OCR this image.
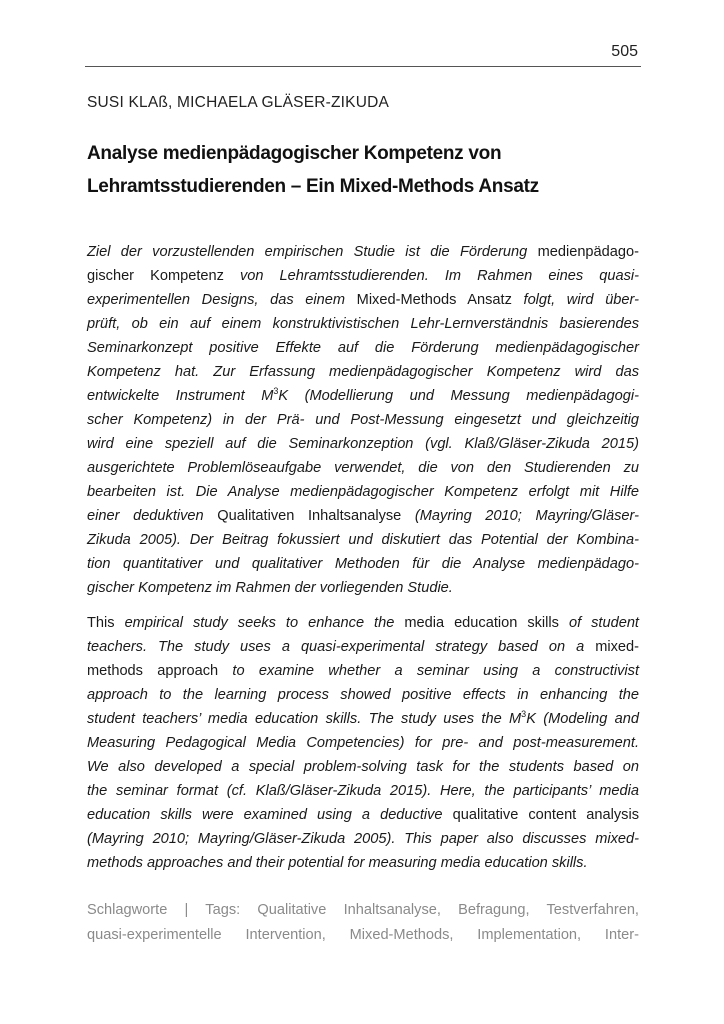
505
SUSI KLAß, MICHAELA GLÄSER-ZIKUDA
Analyse medienpädagogischer Kompetenz von
Lehramtsstudierenden – Ein Mixed-Methods Ansatz
Ziel der vorzustellenden empirischen Studie ist die Förderung medienpädago-
gischer Kompetenz von Lehramtsstudierenden. Im Rahmen eines quasi-
experimentellen Designs, das einem Mixed-Methods Ansatz folgt, wird über-
prüft, ob ein auf einem konstruktivistischen Lehr-Lernverständnis basierendes
Seminarkonzept positive Effekte auf die Förderung medienpädagogischer
Kompetenz hat. Zur Erfassung medienpädagogischer Kompetenz wird das
entwickelte Instrument $M^3K$ (Modellierung und Messung medienpädagogi-
scher Kompetenz) in der Prä- und Post-Messung eingesetzt und gleichzeitig
wird eine speziell auf die Seminarkonzeption (vgl. Klaß/Gläser-Zikuda 2015)
ausgerichtete Problemlöseaufgabe verwendet, die von den Studierenden zu
bearbeiten ist. Die Analyse medienpädagogischer Kompetenz erfolgt mit Hilfe
einer deduktiven Qualitativen Inhaltsanalyse (Mayring 2010; Mayring/Gläser-
Zikuda 2005). Der Beitrag fokussiert und diskutiert das Potential der Kombina-
tion quantitativer und qualitativer Methoden für die Analyse medienpädago-
gischer Kompetenz im Rahmen der vorliegenden Studie.
This empirical study seeks to enhance the media education skills of student
teachers. The study uses a quasi-experimental strategy based on a mixed-
methods approach to examine whether a seminar using a constructivist
approach to the learning process showed positive effects in enhancing the
student teachers’ media education skills. The study uses the $M^3K$ (Modeling and
Measuring Pedagogical Media Competencies) for pre- and post-measurement.
We also developed a special problem-solving task for the students based on
the seminar format (cf. Klaß/Gläser-Zikuda 2015). Here, the participants’ media
education skills were examined using a deductive qualitative content analysis
(Mayring 2010; Mayring/Gläser-Zikuda 2005). This paper also discusses mixed-
methods approaches and their potential for measuring media education skills.
Schlagworte | Tags: Qualitative Inhaltsanalyse, Befragung, Testverfahren,
quasi-experimentelle Intervention, Mixed-Methods, Implementation, Inter-
